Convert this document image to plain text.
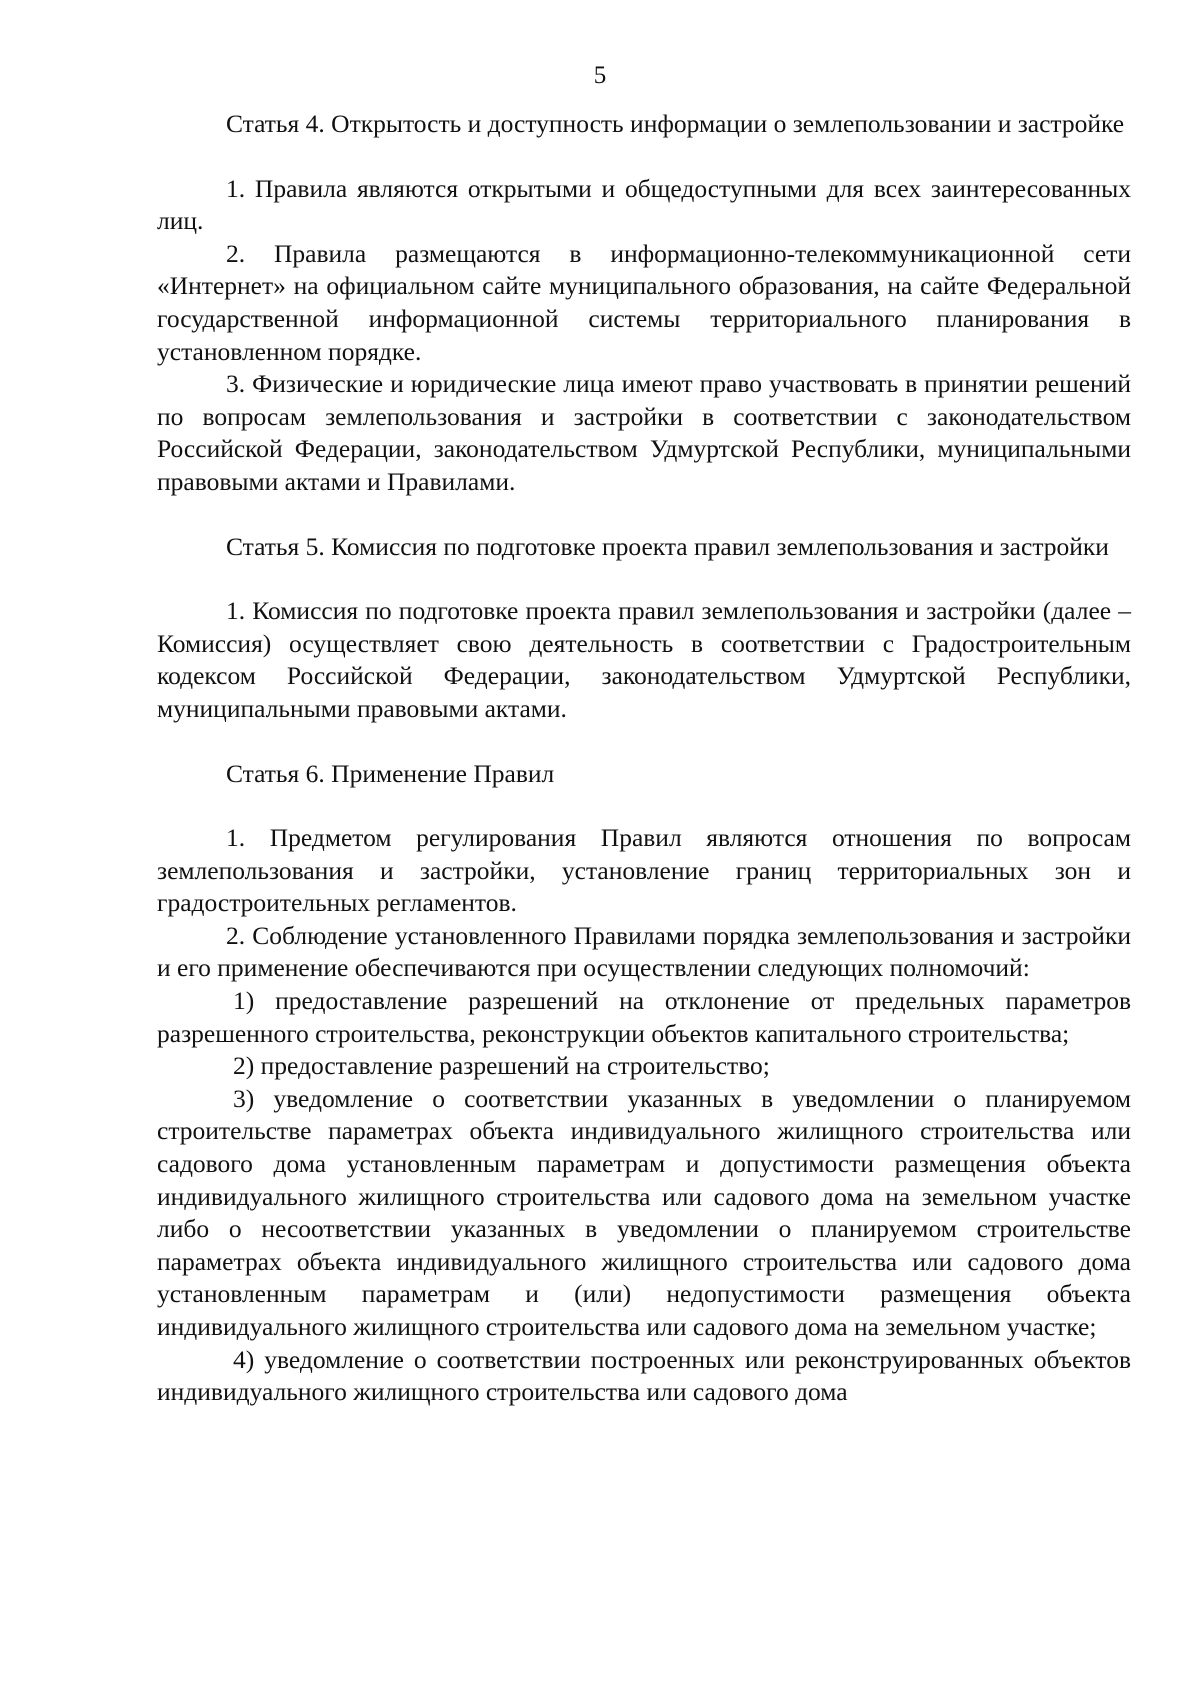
5

Статья 4. Открытость и доступность информации о землепользовании и застройке

1. Правила являются открытыми и общедоступными для всех заинтересованных лиц.

2. Правила размещаются в информационно-телекоммуникационной сети «Интернет» на официальном сайте муниципального образования, на сайте Федеральной государственной информационной системы территориального планирования в установленном порядке.

3. Физические и юридические лица имеют право участвовать в принятии решений по вопросам землепользования и застройки в соответствии с законодательством Российской Федерации, законодательством Удмуртской Республики, муниципальными правовыми актами и Правилами.

Статья 5. Комиссия по подготовке проекта правил землепользования и застройки

1. Комиссия по подготовке проекта правил землепользования и застройки (далее – Комиссия) осуществляет свою деятельность в соответствии с Градостроительным кодексом Российской Федерации, законодательством Удмуртской Республики, муниципальными правовыми актами.

Статья 6. Применение Правил

1. Предметом регулирования Правил являются отношения по вопросам землепользования и застройки, установление границ территориальных зон и градостроительных регламентов.

2. Соблюдение установленного Правилами порядка землепользования и застройки и его применение обеспечиваются при осуществлении следующих полномочий:

1) предоставление разрешений на отклонение от предельных параметров разрешенного строительства, реконструкции объектов капитального строительства;

2) предоставление разрешений на строительство;

3) уведомление о соответствии указанных в уведомлении о планируемом строительстве параметрах объекта индивидуального жилищного строительства или садового дома установленным параметрам и допустимости размещения объекта индивидуального жилищного строительства или садового дома на земельном участке либо о несоответствии указанных в уведомлении о планируемом строительстве параметрах объекта индивидуального жилищного строительства или садового дома установленным параметрам и (или) недопустимости размещения объекта индивидуального жилищного строительства или садового дома на земельном участке;

4) уведомление о соответствии построенных или реконструированных объектов индивидуального жилищного строительства или садового дома
